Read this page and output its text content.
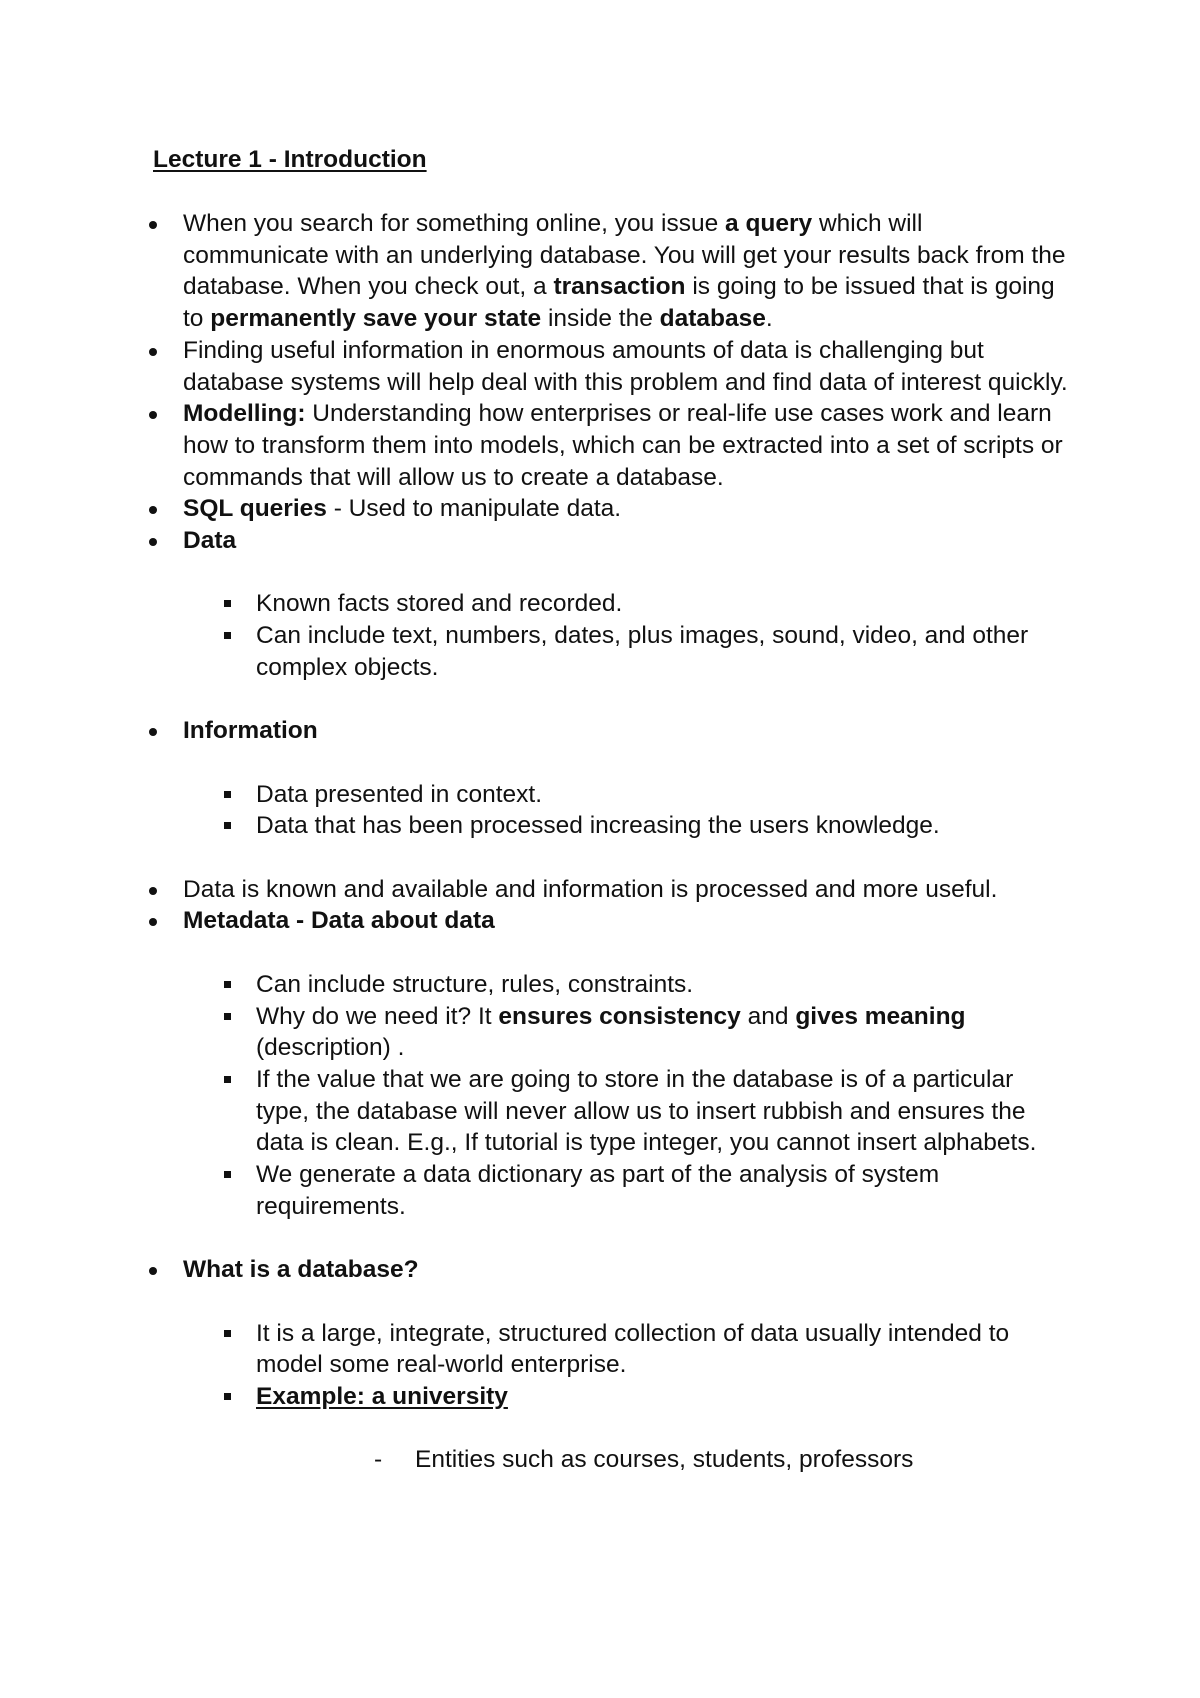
Lecture 1 - Introduction
When you search for something online, you issue a query which will communicate with an underlying database. You will get your results back from the database. When you check out, a transaction is going to be issued that is going to permanently save your state inside the database.
Finding useful information in enormous amounts of data is challenging but database systems will help deal with this problem and find data of interest quickly.
Modelling: Understanding how enterprises or real-life use cases work and learn how to transform them into models, which can be extracted into a set of scripts or commands that will allow us to create a database.
SQL queries - Used to manipulate data.
Data
Known facts stored and recorded.
Can include text, numbers, dates, plus images, sound, video, and other complex objects.
Information
Data presented in context.
Data that has been processed increasing the users knowledge.
Data is known and available and information is processed and more useful.
Metadata - Data about data
Can include structure, rules, constraints.
Why do we need it? It ensures consistency and gives meaning (description) .
If the value that we are going to store in the database is of a particular type, the database will never allow us to insert rubbish and ensures the data is clean. E.g., If tutorial is type integer, you cannot insert alphabets.
We generate a data dictionary as part of the analysis of system requirements.
What is a database?
It is a large, integrate, structured collection of data usually intended to model some real-world enterprise.
Example: a university
- Entities such as courses, students, professors
